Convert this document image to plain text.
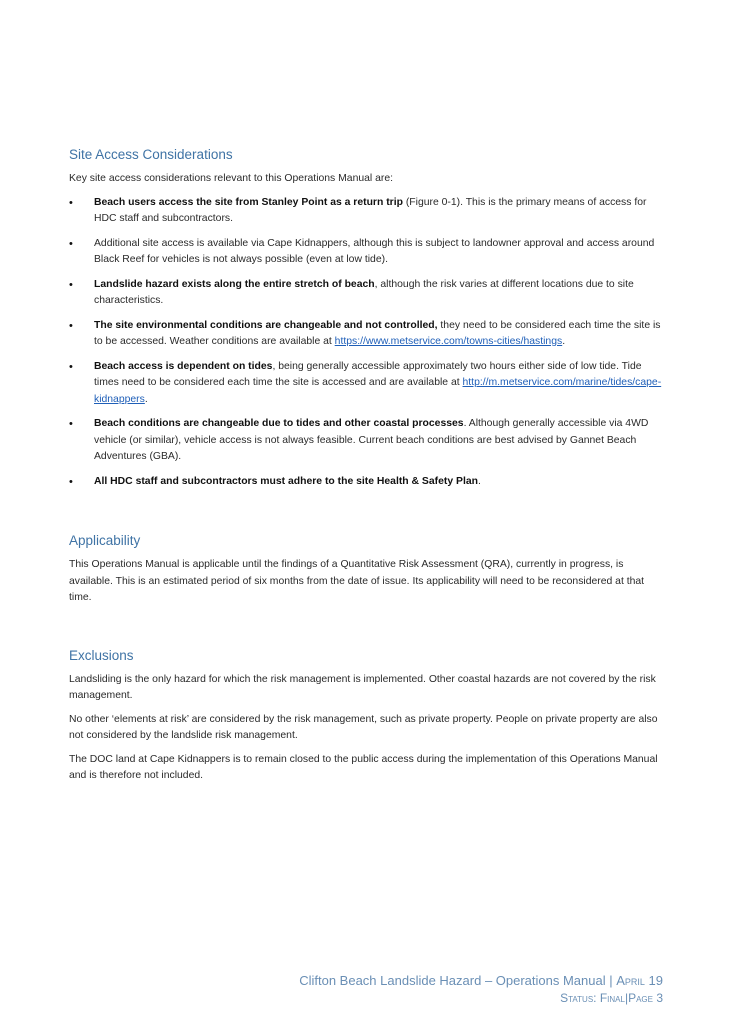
Site Access Considerations

Key site access considerations relevant to this Operations Manual are:

• Beach users access the site from Stanley Point as a return trip (Figure 0-1). This is the primary means of access for HDC staff and subcontractors.
• Additional site access is available via Cape Kidnappers, although this is subject to landowner approval and access around Black Reef for vehicles is not always possible (even at low tide).
• Landslide hazard exists along the entire stretch of beach, although the risk varies at different locations due to site characteristics.
• The site environmental conditions are changeable and not controlled, they need to be considered each time the site is to be accessed. Weather conditions are available at https://www.metservice.com/towns-cities/hastings.
• Beach access is dependent on tides, being generally accessible approximately two hours either side of low tide. Tide times need to be considered each time the site is accessed and are available at http://m.metservice.com/marine/tides/cape-kidnappers.
• Beach conditions are changeable due to tides and other coastal processes. Although generally accessible via 4WD vehicle (or similar), vehicle access is not always feasible. Current beach conditions are best advised by Gannet Beach Adventures (GBA).
• All HDC staff and subcontractors must adhere to the site Health & Safety Plan.
Applicability

This Operations Manual is applicable until the findings of a Quantitative Risk Assessment (QRA), currently in progress, is available. This is an estimated period of six months from the date of issue. Its applicability will need to be reconsidered at that time.

Exclusions

Landsliding is the only hazard for which the risk management is implemented. Other coastal hazards are not covered by the risk management.

No other ‘elements at risk’ are considered by the risk management, such as private property. People on private property are also not considered by the landslide risk management.

The DOC land at Cape Kidnappers is to remain closed to the public access during the implementation of this Operations Manual and is therefore not included.

Clifton Beach Landslide Hazard – Operations Manual | April 19
Status: Final|Page 3
